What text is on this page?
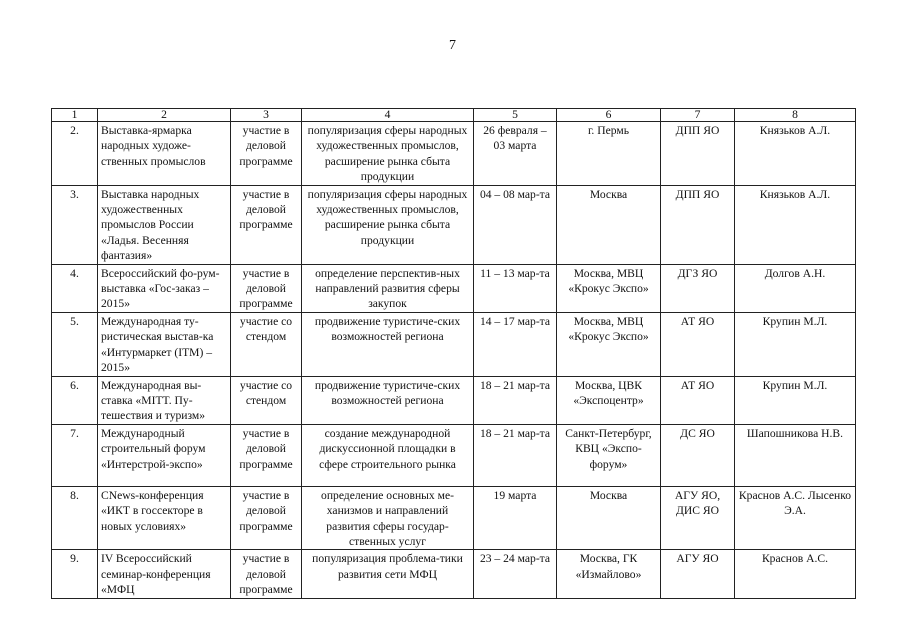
7
1	2	3	4	5	6	7	8
2.	Выставка-ярмарка народных художе-ственных промыслов	участие в деловой программе	популяризация сферы народных художественных промыслов, расширение рынка сбыта продукции	26 февраля – 03 марта	г. Пермь	ДПП ЯО	Князьков А.Л.
3.	Выставка народных художественных промыслов России «Ладья. Весенняя фантазия»	участие в деловой программе	популяризация сферы народных художественных промыслов, расширение рынка сбыта продукции	04 – 08 мар-та	Москва	ДПП ЯО	Князьков А.Л.
4.	Всероссийский фо-рум-выставка «Гос-заказ – 2015»	участие в деловой программе	определение перспектив-ных направлений развития сферы закупок	11 – 13 мар-та	Москва, МВЦ «Крокус Экспо»	ДГЗ ЯО	Долгов А.Н.
5.	Международная ту-ристическая выстав-ка «Интурмаркет (ITM) – 2015»	участие со стендом	продвижение туристиче-ских возможностей региона	14 – 17 мар-та	Москва, МВЦ «Крокус Экспо»	АТ ЯО	Крупин М.Л.
6.	Международная вы-ставка «MITT. Пу-тешествия и туризм»	участие со стендом	продвижение туристиче-ских возможностей региона	18 – 21 мар-та	Москва, ЦВК «Экспоцентр»	АТ ЯО	Крупин М.Л.
7.	Международный строительный форум «Интерстрой-экспо»	участие в деловой программе	создание международной дискуссионной площадки в сфере строительного рынка	18 – 21 мар-та	Санкт-Петербург, КВЦ «Экспо-форум»	ДС ЯО	Шапошникова Н.В.
8.	CNews-конференция «ИКТ в госсекторе в новых условиях»	участие в деловой программе	определение основных ме-ханизмов и направлений развития сферы государ-ственных услуг	19 марта	Москва	АГУ ЯО, ДИС ЯО	Краснов А.С. Лысенко Э.А.
9.	IV Всероссийский семинар-конференция «МФЦ	участие в деловой программе	популяризация проблема-тики развития сети МФЦ	23 – 24 мар-та	Москва, ГК «Измайлово»	АГУ ЯО	Краснов А.С.
